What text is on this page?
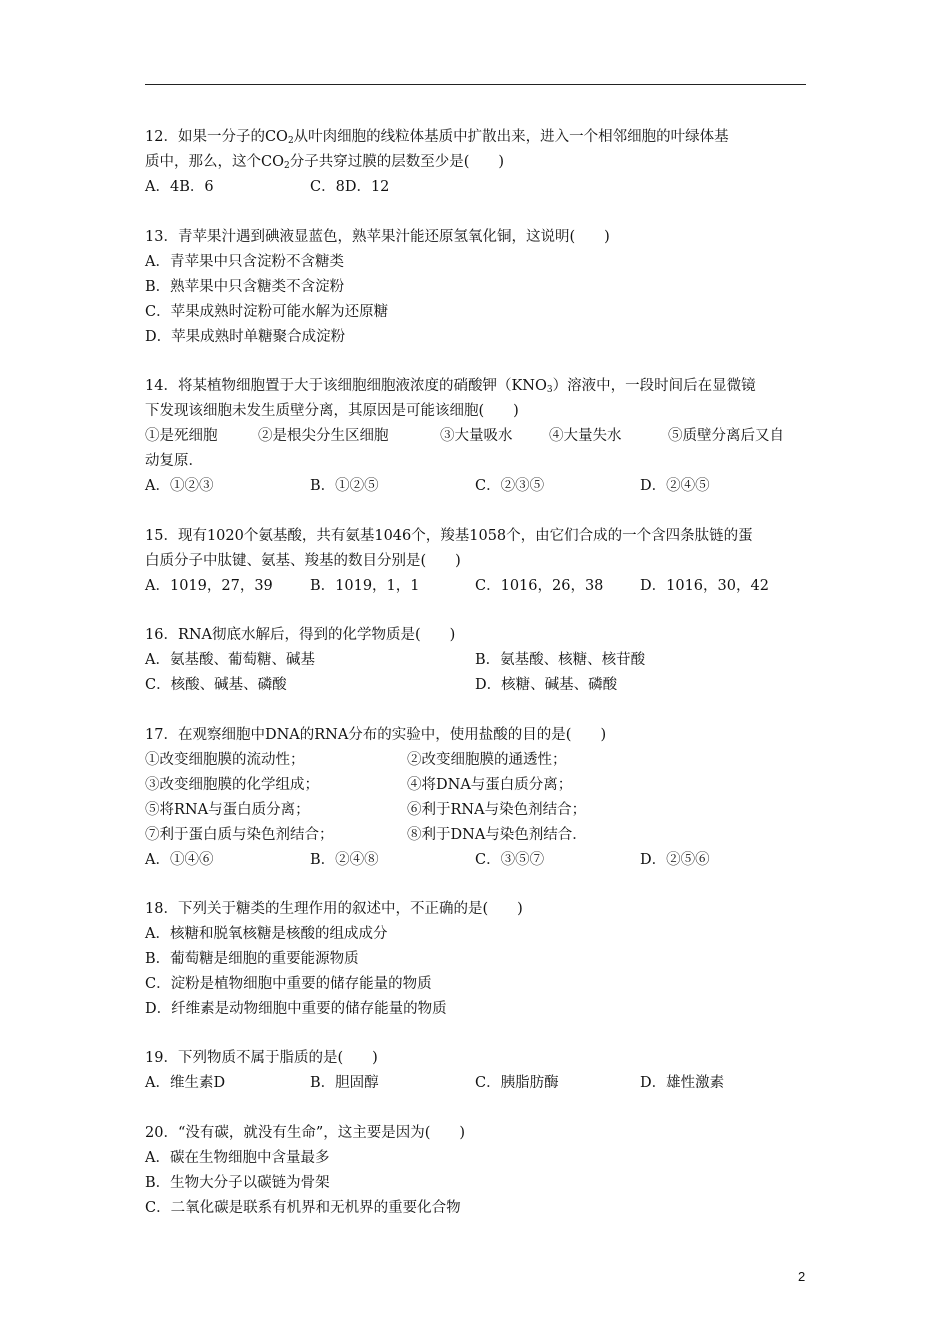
12．如果一分子的$CO_2$从叶肉细胞的线粒体基质中扩散出来，进入一个相邻细胞的叶绿体基
质中，那么，这个$CO_2$分子共穿过膜的层数至少是(　　)
A．4B．6	C．8D．12
13．青苹果汁遇到碘液显蓝色，熟苹果汁能还原氢氧化铜，这说明(　　)
A．青苹果中只含淀粉不含糖类
B．熟苹果中只含糖类不含淀粉
C．苹果成熟时淀粉可能水解为还原糖
D．苹果成熟时单糖聚合成淀粉
14．将某植物细胞置于大于该细胞细胞液浓度的硝酸钾$(KNO_3)$溶液中，一段时间后在显微镜
下发现该细胞未发生质壁分离，其原因是可能该细胞(　　)
①是死细胞	②是根尖分生区细胞	③大量吸水	④大量失水	⑤质壁分离后又自
动复原．
A．①②③	B．①②⑤	C．②③⑤	D．②④⑤
15．现有1020个氨基酸，共有氨基1046个，羧基1058个，由它们合成的一个含四条肽链的蛋
白质分子中肽键、氨基、羧基的数目分别是(　　)
A．1019，27，39	B．1019，1，1	C．1016，26，38	D．1016，30，42
16．RNA彻底水解后，得到的化学物质是(　　)
A．氨基酸、葡萄糖、碱基	B．氨基酸、核糖、核苷酸
C．核酸、碱基、磷酸	D．核糖、碱基、磷酸
17．在观察细胞中DNA的RNA分布的实验中，使用盐酸的目的是(　　)
①改变细胞膜的流动性；	②改变细胞膜的通透性；
③改变细胞膜的化学组成；	④将DNA与蛋白质分离；
⑤将RNA与蛋白质分离；	⑥利于RNA与染色剂结合；
⑦利于蛋白质与染色剂结合；	⑧利于DNA与染色剂结合．
A．①④⑥	B．②④⑧	C．③⑤⑦	D．②⑤⑥
18．下列关于糖类的生理作用的叙述中，不正确的是(　　)
A．核糖和脱氧核糖是核酸的组成成分
B．葡萄糖是细胞的重要能源物质
C．淀粉是植物细胞中重要的储存能量的物质
D．纤维素是动物细胞中重要的储存能量的物质
19．下列物质不属于脂质的是(　　)
A．维生素D	B．胆固醇	C．胰脂肪酶	D．雄性激素
20．“没有碳，就没有生命”，这主要是因为(　　)
A．碳在生物细胞中含量最多
B．生物大分子以碳链为骨架
C．二氧化碳是联系有机界和无机界的重要化合物
2
